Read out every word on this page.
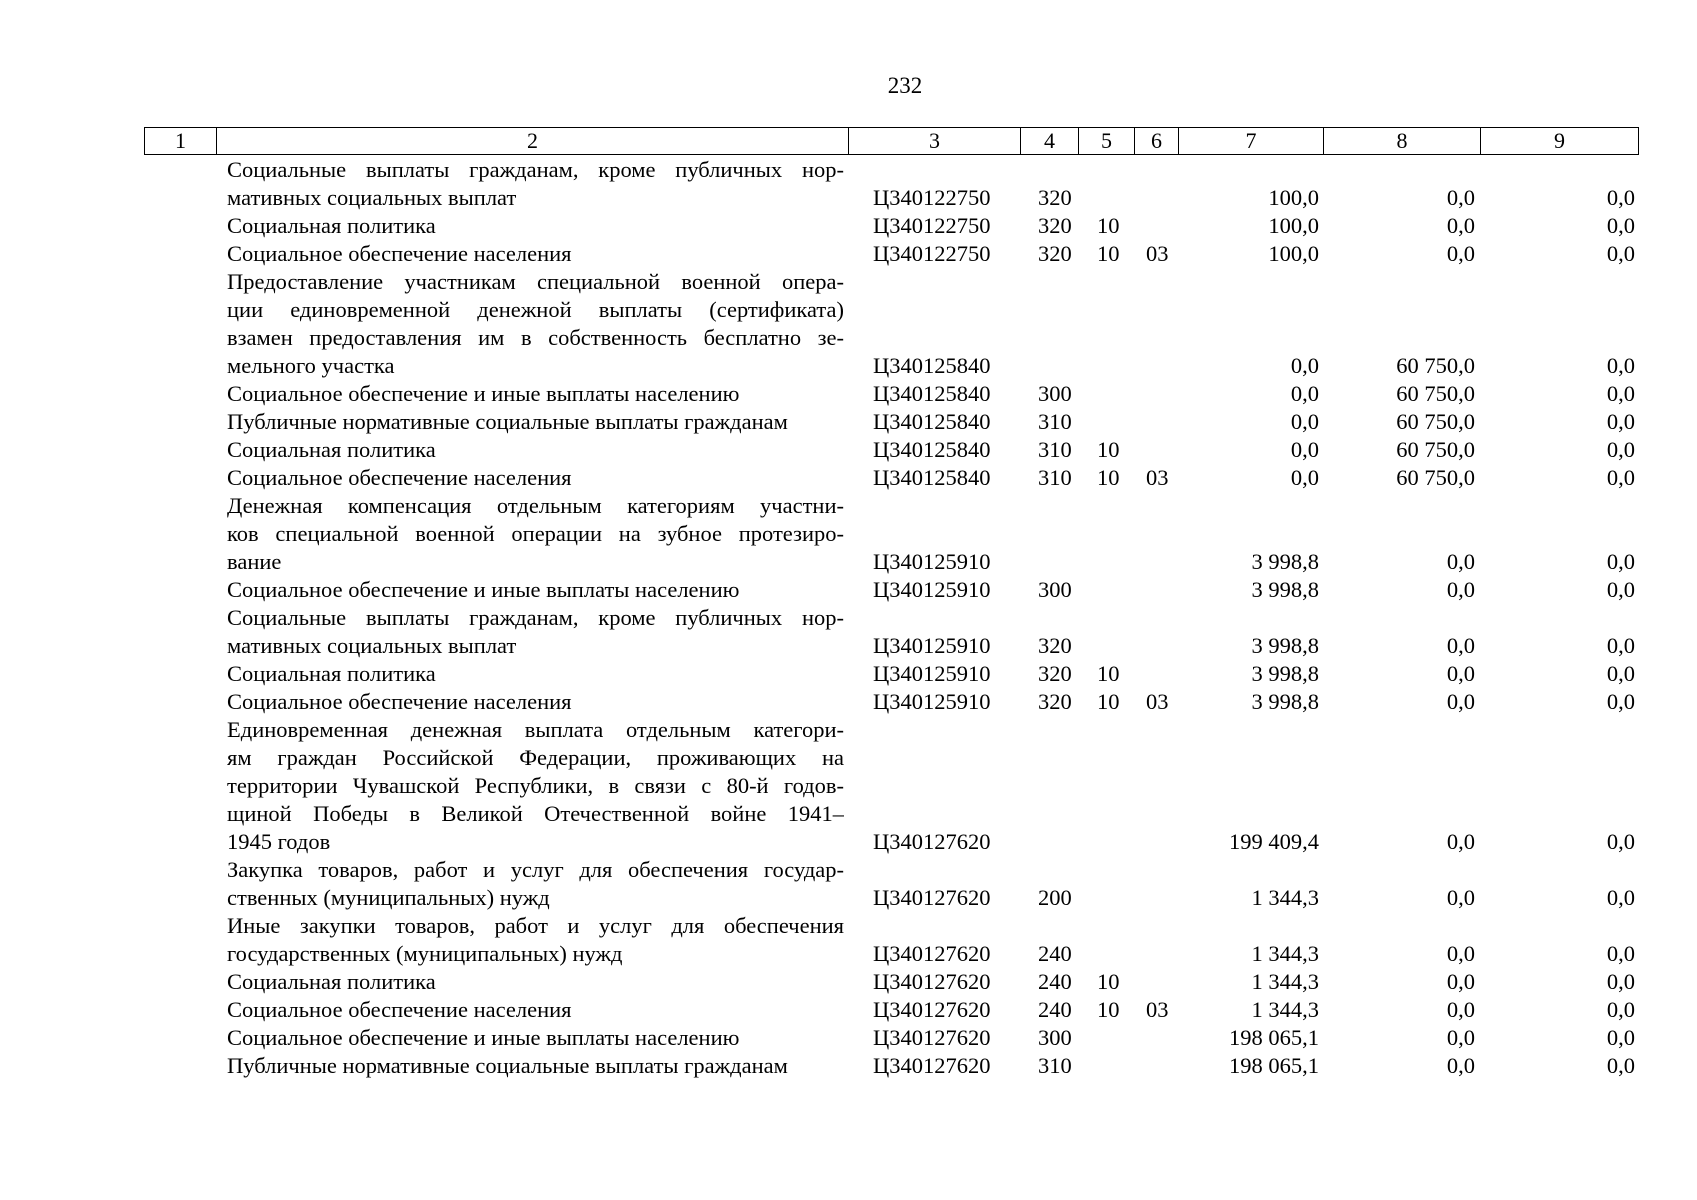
232
1	2	3	4	5	6	7	8	9
Социальные выплаты гражданам, кроме публичных нор-
мативных социальных выплат	Ц340122750 320	100,0	0,0	0,0
Социальная политика	Ц340122750 320 10	100,0	0,0	0,0
Социальное обеспечение населения	Ц340122750 320 10 03	100,0	0,0	0,0
Предоставление участникам специальной военной опера-
ции единовременной денежной выплаты (сертификата)
взамен предоставления им в собственность бесплатно зе-
мельного участка	Ц340125840	0,0	60 750,0	0,0
Социальное обеспечение и иные выплаты населению	Ц340125840 300	0,0	60 750,0	0,0
Публичные нормативные социальные выплаты гражданам	Ц340125840 310	0,0	60 750,0	0,0
Социальная политика	Ц340125840 310 10	0,0	60 750,0	0,0
Социальное обеспечение населения	Ц340125840 310 10 03	0,0	60 750,0	0,0
Денежная компенсация отдельным категориям участни-
ков специальной военной операции на зубное протезиро-
вание	Ц340125910	3 998,8	0,0	0,0
Социальное обеспечение и иные выплаты населению	Ц340125910 300	3 998,8	0,0	0,0
Социальные выплаты гражданам, кроме публичных нор-
мативных социальных выплат	Ц340125910 320	3 998,8	0,0	0,0
Социальная политика	Ц340125910 320 10	3 998,8	0,0	0,0
Социальное обеспечение населения	Ц340125910 320 10 03	3 998,8	0,0	0,0
Единовременная денежная выплата отдельным категори-
ям граждан Российской Федерации, проживающих на
территории Чувашской Республики, в связи с 80-й годов-
щиной Победы в Великой Отечественной войне 1941–
1945 годов	Ц340127620	199 409,4	0,0	0,0
Закупка товаров, работ и услуг для обеспечения государ-
ственных (муниципальных) нужд	Ц340127620 200	1 344,3	0,0	0,0
Иные закупки товаров, работ и услуг для обеспечения
государственных (муниципальных) нужд	Ц340127620 240	1 344,3	0,0	0,0
Социальная политика	Ц340127620 240 10	1 344,3	0,0	0,0
Социальное обеспечение населения	Ц340127620 240 10 03	1 344,3	0,0	0,0
Социальное обеспечение и иные выплаты населению	Ц340127620 300	198 065,1	0,0	0,0
Публичные нормативные социальные выплаты гражданам	Ц340127620 310	198 065,1	0,0	0,0
